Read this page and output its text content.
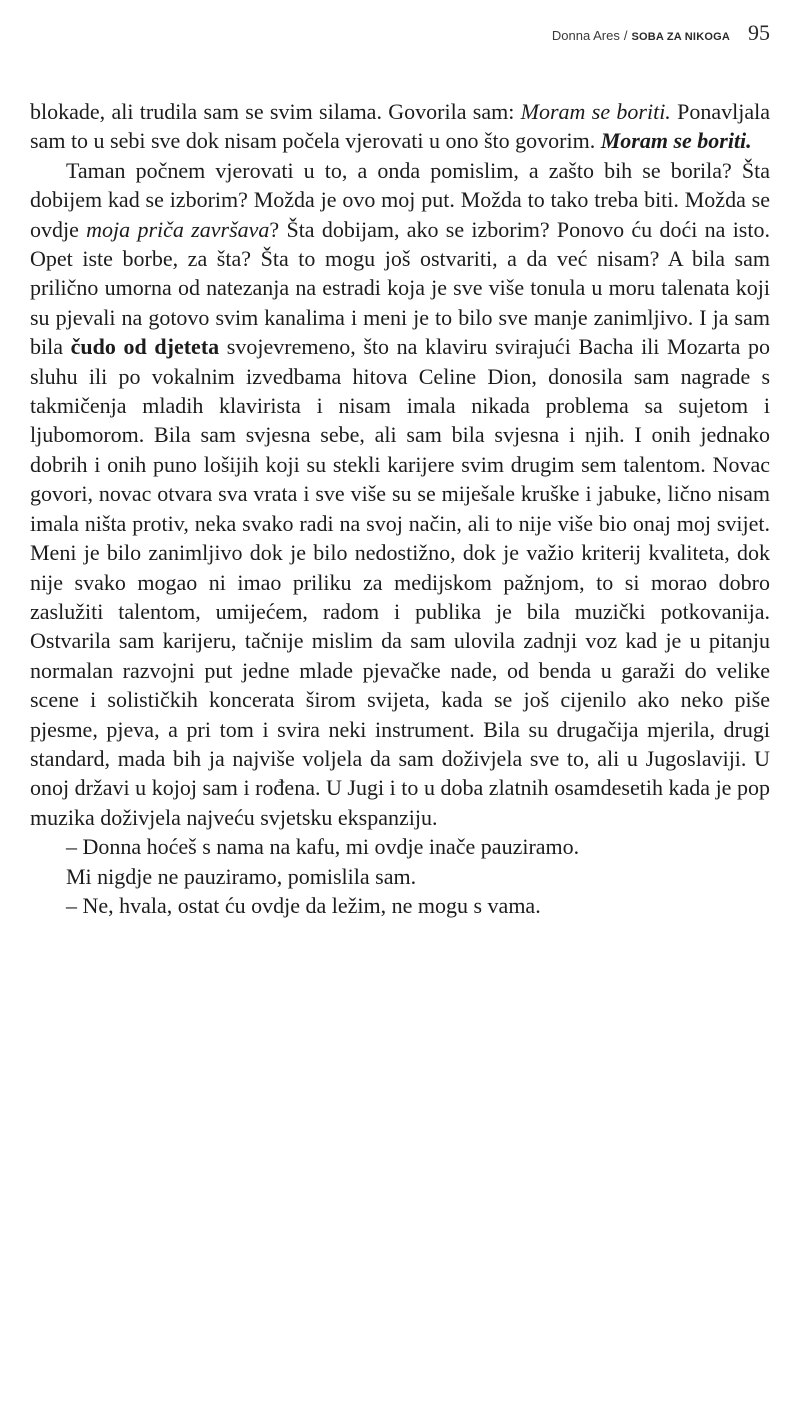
Donna Ares / SOBA ZA NIKOGA 95

blokade, ali trudila sam se svim silama. Govorila sam: Moram se boriti. Ponavljala sam to u sebi sve dok nisam počela vjerovati u ono što govorim. Moram se boriti.

Taman počnem vjerovati u to, a onda pomislim, a zašto bih se borila? Šta dobijem kad se izborim? Možda je ovo moj put. Možda to tako treba biti. Možda se ovdje moja priča završava? Šta dobijam, ako se izborim? Ponovo ću doći na isto. Opet iste borbe, za šta? Šta to mogu još ostvariti, a da već nisam? A bila sam prilično umorna od natezanja na estradi koja je sve više tonula u moru talenata koji su pjevali na gotovo svim kanalima i meni je to bilo sve manje zanimljivo. I ja sam bila čudo od djeteta svojevremeno, što na klaviru svirajući Bacha ili Mozarta po sluhu ili po vokalnim izvedbama hitova Celine Dion, donosila sam nagrade s takmičenja mladih klavirista i nisam imala nikada problema sa sujetom i ljubomorom. Bila sam svjesna sebe, ali sam bila svjesna i njih. I onih jednako dobrih i onih puno lošijih koji su stekli karijere svim drugim sem talentom. Novac govori, novac otvara sva vrata i sve više su se miješale kruške i jabuke, lično nisam imala ništa protiv, neka svako radi na svoj način, ali to nije više bio onaj moj svijet. Meni je bilo zanimljivo dok je bilo nedostižno, dok je važio kriterij kvaliteta, dok nije svako mogao ni imao priliku za medijskom pažnjom, to si morao dobro zaslužiti talentom, umijećem, radom i publika je bila muzički potkovanija. Ostvarila sam karijeru, tačnije mislim da sam ulovila zadnji voz kad je u pitanju normalan razvojni put jedne mlade pjevačke nade, od benda u garaži do velike scene i solističkih koncerata širom svijeta, kada se još cijenilo ako neko piše pjesme, pjeva, a pri tom i svira neki instrument. Bila su drugačija mjerila, drugi standard, mada bih ja najviše voljela da sam doživjela sve to, ali u Jugoslaviji. U onoj državi u kojoj sam i rođena. U Jugi i to u doba zlatnih osamdesetih kada je pop muzika doživjela najveću svjetsku ekspanziju.

– Donna hoćeš s nama na kafu, mi ovdje inače pauziramo.

Mi nigdje ne pauziramo, pomislila sam.

– Ne, hvala, ostat ću ovdje da ležim, ne mogu s vama.
